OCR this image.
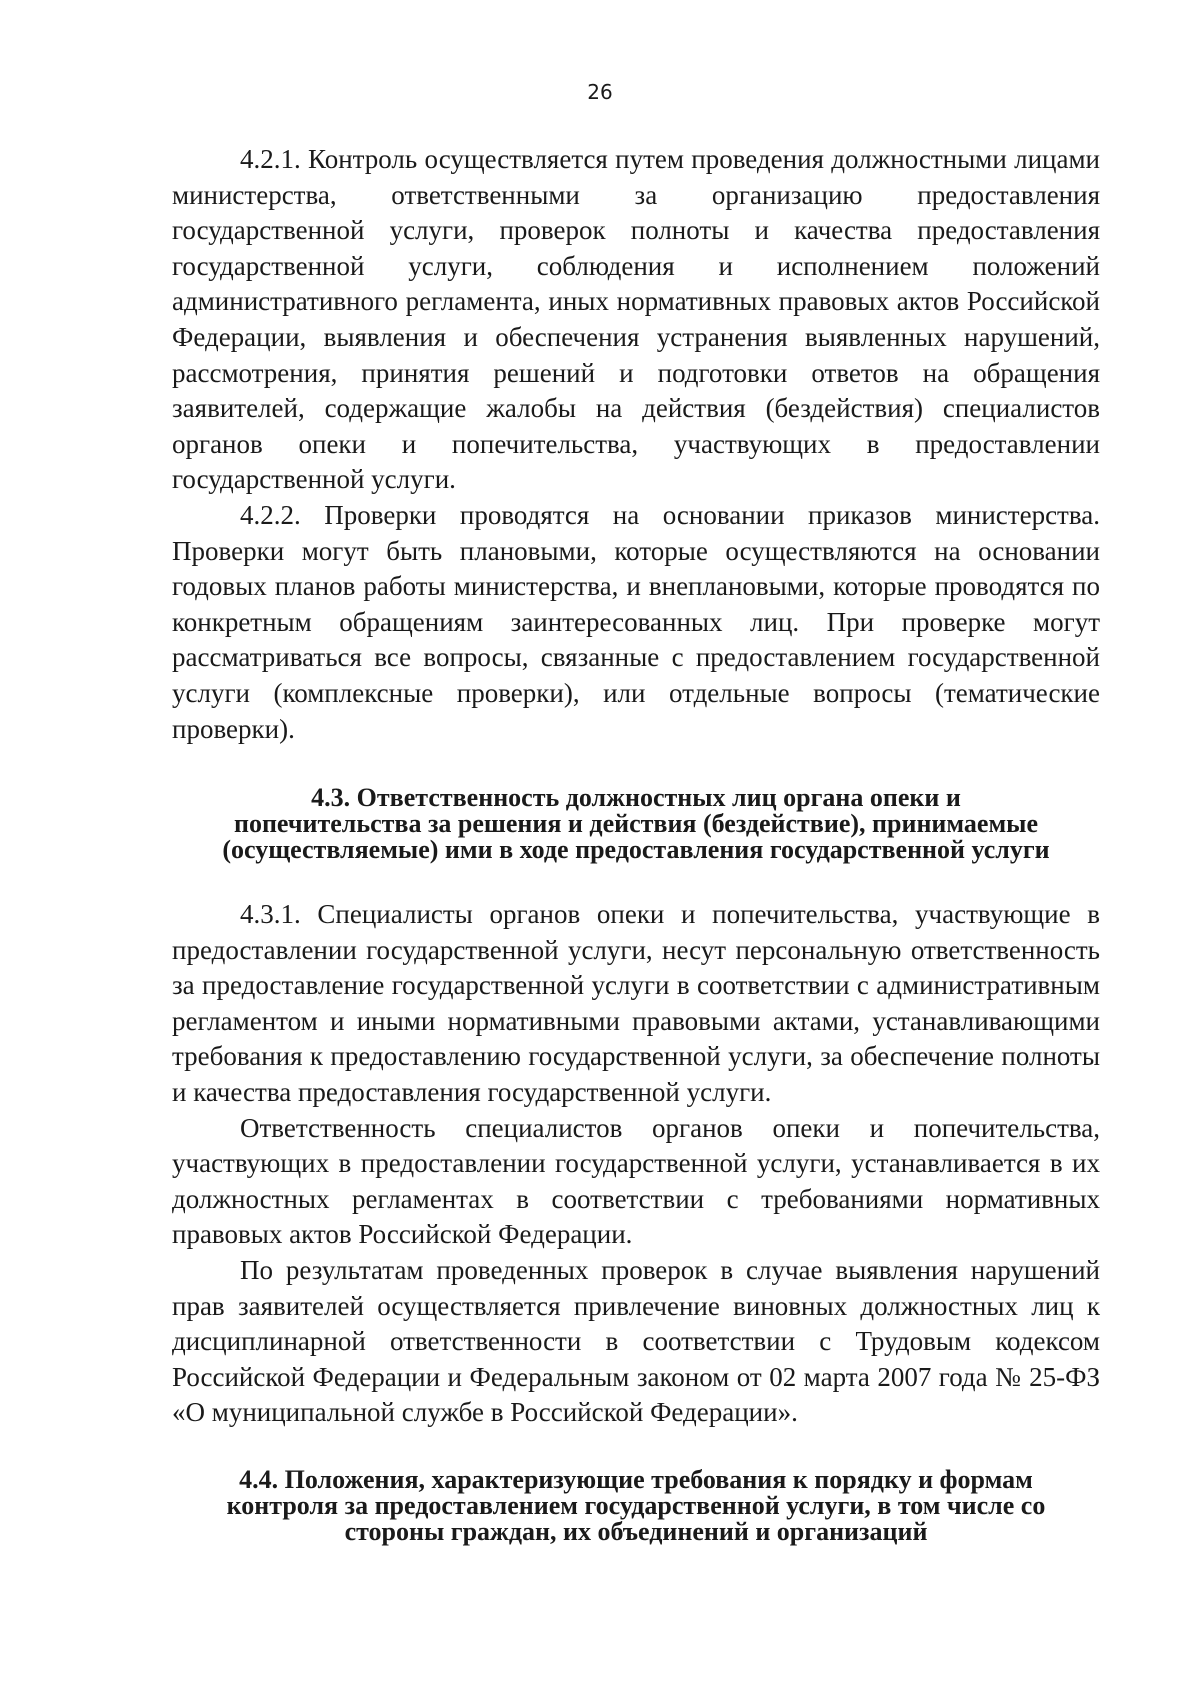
26

4.2.1. Контроль осуществляется путем проведения должностными лицами министерства, ответственными за организацию предоставления государственной услуги, проверок полноты и качества предоставления государственной услуги, соблюдения и исполнением положений административного регламента, иных нормативных правовых актов Российской Федерации, выявления и обеспечения устранения выявленных нарушений, рассмотрения, принятия решений и подготовки ответов на обращения заявителей, содержащие жалобы на действия (бездействия) специалистов органов опеки и попечительства, участвующих в предоставлении государственной услуги.

4.2.2. Проверки проводятся на основании приказов министерства. Проверки могут быть плановыми, которые осуществляются на основании годовых планов работы министерства, и внеплановыми, которые проводятся по конкретным обращениям заинтересованных лиц. При проверке могут рассматриваться все вопросы, связанные с предоставлением государственной услуги (комплексные проверки), или отдельные вопросы (тематические проверки).

4.3. Ответственность должностных лиц органа опеки и
попечительства за решения и действия (бездействие), принимаемые
(осуществляемые) ими в ходе предоставления государственной услуги

4.3.1. Специалисты органов опеки и попечительства, участвующие в предоставлении государственной услуги, несут персональную ответственность за предоставление государственной услуги в соответствии с административным регламентом и иными нормативными правовыми актами, устанавливающими требования к предоставлению государственной услуги, за обеспечение полноты и качества предоставления государственной услуги.

Ответственность специалистов органов опеки и попечительства, участвующих в предоставлении государственной услуги, устанавливается в их должностных регламентах в соответствии с требованиями нормативных правовых актов Российской Федерации.

По результатам проведенных проверок в случае выявления нарушений прав заявителей осуществляется привлечение виновных должностных лиц к дисциплинарной ответственности в соответствии с Трудовым кодексом Российской Федерации и Федеральным законом от 02 марта 2007 года № 25-ФЗ «О муниципальной службе в Российской Федерации».

4.4. Положения, характеризующие требования к порядку и формам
контроля за предоставлением государственной услуги, в том числе со
стороны граждан, их объединений и организаций
